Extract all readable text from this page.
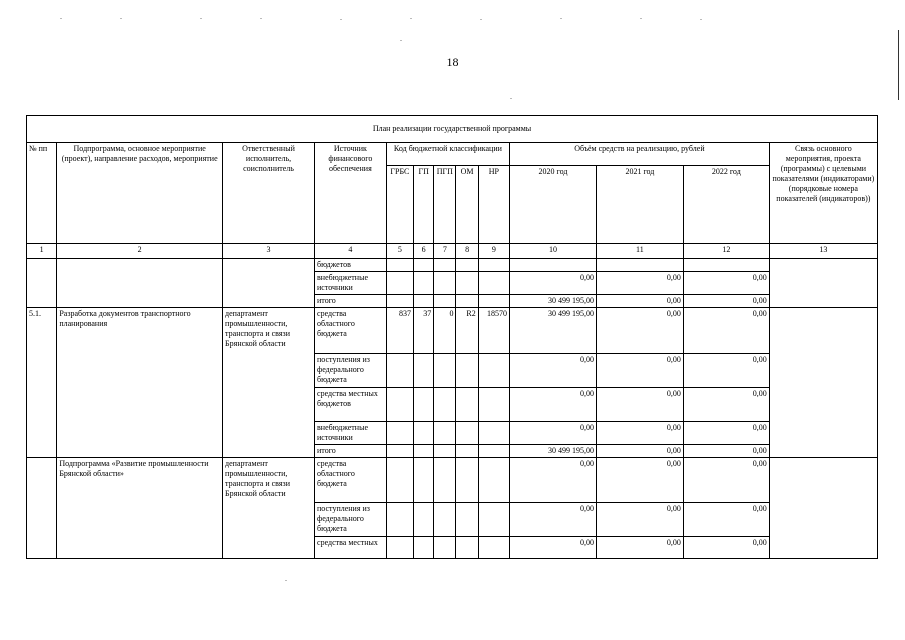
18
План реализации государственной программы												
№ пп	Подпрограмма, основное мероприятие (проект), направление расходов, мероприятие	Ответственный исполнитель, соисполнитель	Источник финансового обеспечения	Код бюджетной классификации					Объём средств на реализацию, рублей			Связь основного мероприятия, проекта (программы) с целевыми показателями (индикаторами) (порядковые номера показателей (индикаторов))
				ГРБС	ГП	ПГП	ОМ	НР	2020 год	2021 год	2022 год	
1	2	3	4	5	6	7	8	9	10	11	12	13
			бюджетов									
			внебюджетные источники						0,00	0,00	0,00	
			итого						30 499 195,00	0,00	0,00	
5.1.	Разработка документов транспортного планирования	департамент промышленности, транспорта и связи Брянской области	средства областного бюджета	837	37	0	R2	18570	30 499 195,00	0,00	0,00	
			поступления из федерального бюджета						0,00	0,00	0,00	
			средства местных бюджетов						0,00	0,00	0,00	
			внебюджетные источники						0,00	0,00	0,00	
			итого						30 499 195,00	0,00	0,00	
	Подпрограмма «Развитие промышленности Брянской области»	департамент промышленности, транспорта и связи Брянской области	средства областного бюджета						0,00	0,00	0,00	
			поступления из федерального бюджета						0,00	0,00	0,00	
			средства местных						0,00	0,00	0,00	
